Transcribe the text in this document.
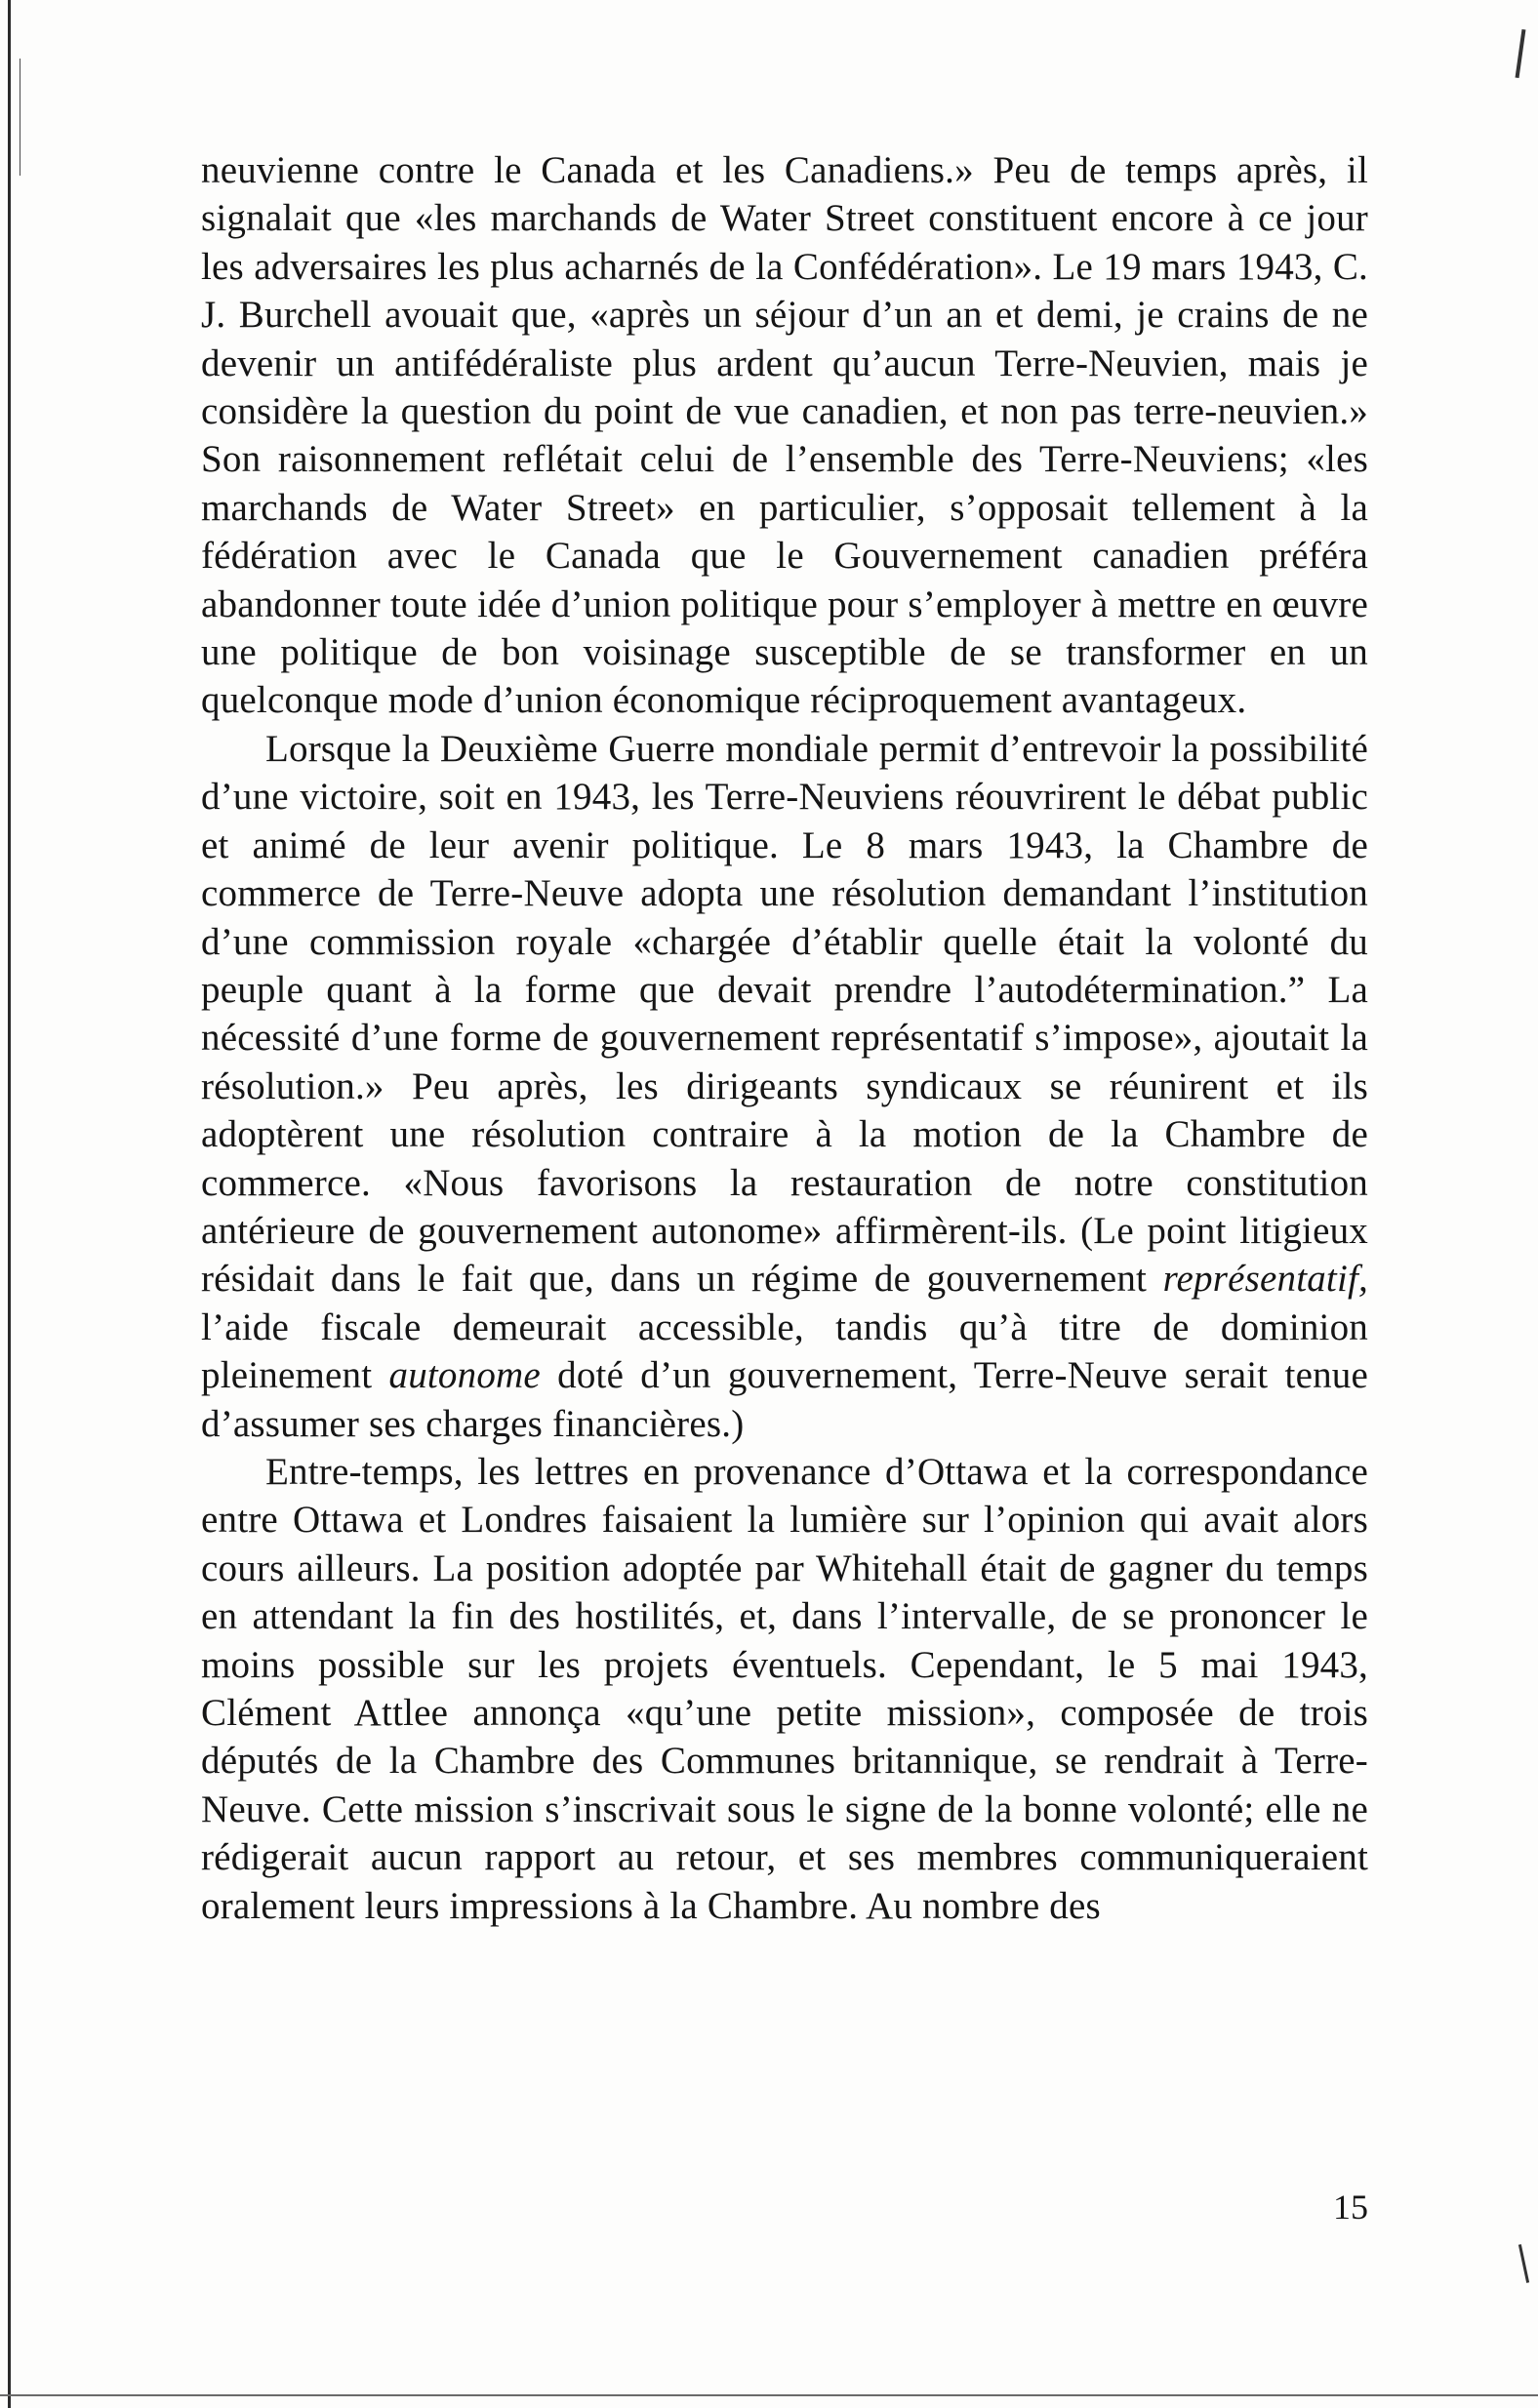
neuvienne contre le Canada et les Canadiens.» Peu de temps après, il signalait que «les marchands de Water Street constituent encore à ce jour les adversaires les plus acharnés de la Confédération». Le 19 mars 1943, C. J. Burchell avouait que, «après un séjour d’un an et demi, je crains de ne devenir un antifédéraliste plus ardent qu’aucun Terre-Neuvien, mais je considère la question du point de vue canadien, et non pas terre-neuvien.» Son raisonnement reflétait celui de l’ensemble des Terre-Neuviens; «les marchands de Water Street» en particulier, s’opposait tellement à la fédération avec le Canada que le Gouvernement canadien préféra abandonner toute idée d’union politique pour s’employer à mettre en œuvre une politique de bon voisinage susceptible de se transformer en un quelconque mode d’union économique réciproquement avantageux.

Lorsque la Deuxième Guerre mondiale permit d’entrevoir la possibilité d’une victoire, soit en 1943, les Terre-Neuviens réouvrirent le débat public et animé de leur avenir politique. Le 8 mars 1943, la Chambre de commerce de Terre-Neuve adopta une résolution demandant l’institution d’une commission royale «chargée d’établir quelle était la volonté du peuple quant à la forme que devait prendre l’autodétermination.” La nécessité d’une forme de gouvernement représentatif s’impose», ajoutait la résolution.» Peu après, les dirigeants syndicaux se réunirent et ils adoptèrent une résolution contraire à la motion de la Chambre de commerce. «Nous favorisons la restauration de notre constitution antérieure de gouvernement autonome» affirmèrent-ils. (Le point litigieux résidait dans le fait que, dans un régime de gouvernement représentatif, l’aide fiscale demeurait accessible, tandis qu’à titre de dominion pleinement autonome doté d’un gouvernement, Terre-Neuve serait tenue d’assumer ses charges financières.)

Entre-temps, les lettres en provenance d’Ottawa et la correspondance entre Ottawa et Londres faisaient la lumière sur l’opinion qui avait alors cours ailleurs. La position adoptée par Whitehall était de gagner du temps en attendant la fin des hostilités, et, dans l’intervalle, de se prononcer le moins possible sur les projets éventuels. Cependant, le 5 mai 1943, Clément Attlee annonça «qu’une petite mission», composée de trois députés de la Chambre des Communes britannique, se rendrait à Terre-Neuve. Cette mission s’inscrivait sous le signe de la bonne volonté; elle ne rédigerait aucun rapport au retour, et ses membres communiqueraient oralement leurs impressions à la Chambre. Au nombre des

15
